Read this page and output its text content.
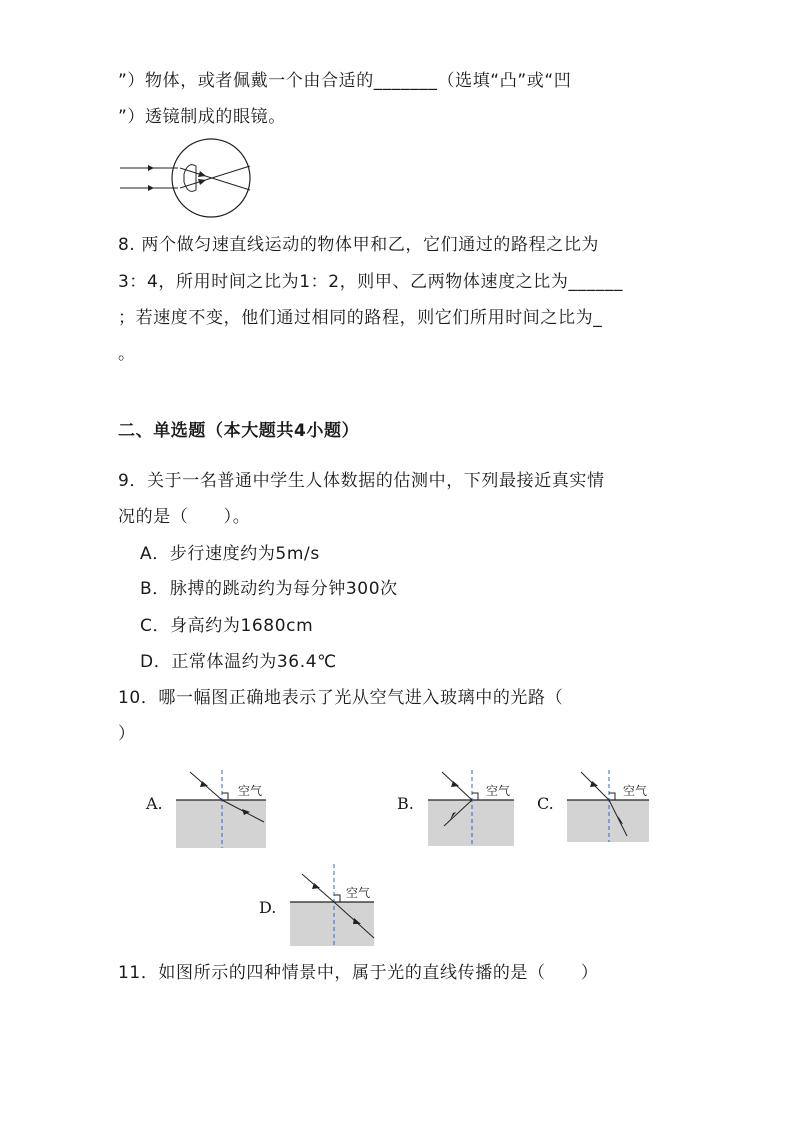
”）物体，或者佩戴一个由合适的_______（选填“凸”或“凹
”）透镜制成的眼镜。
8. 两个做匀速直线运动的物体甲和乙，它们通过的路程之比为
3：4，所用时间之比为1：2，则甲、乙两物体速度之比为______
；若速度不变，他们通过相同的路程，则它们所用时间之比为_
。
二、单选题（本大题共4小题）
9．关于一名普通中学生人体数据的估测中，下列最接近真实情
况的是（　　）。
A．步行速度约为5m/s
B．脉搏的跳动约为每分钟300次
C．身高约为1680cm
D．正常体温约为36.4℃
10．哪一幅图正确地表示了光从空气进入玻璃中的光路（
）
A.
空气
B.
空气
C.
空气
D.
空气
11．如图所示的四种情景中，属于光的直线传播的是（　　）
